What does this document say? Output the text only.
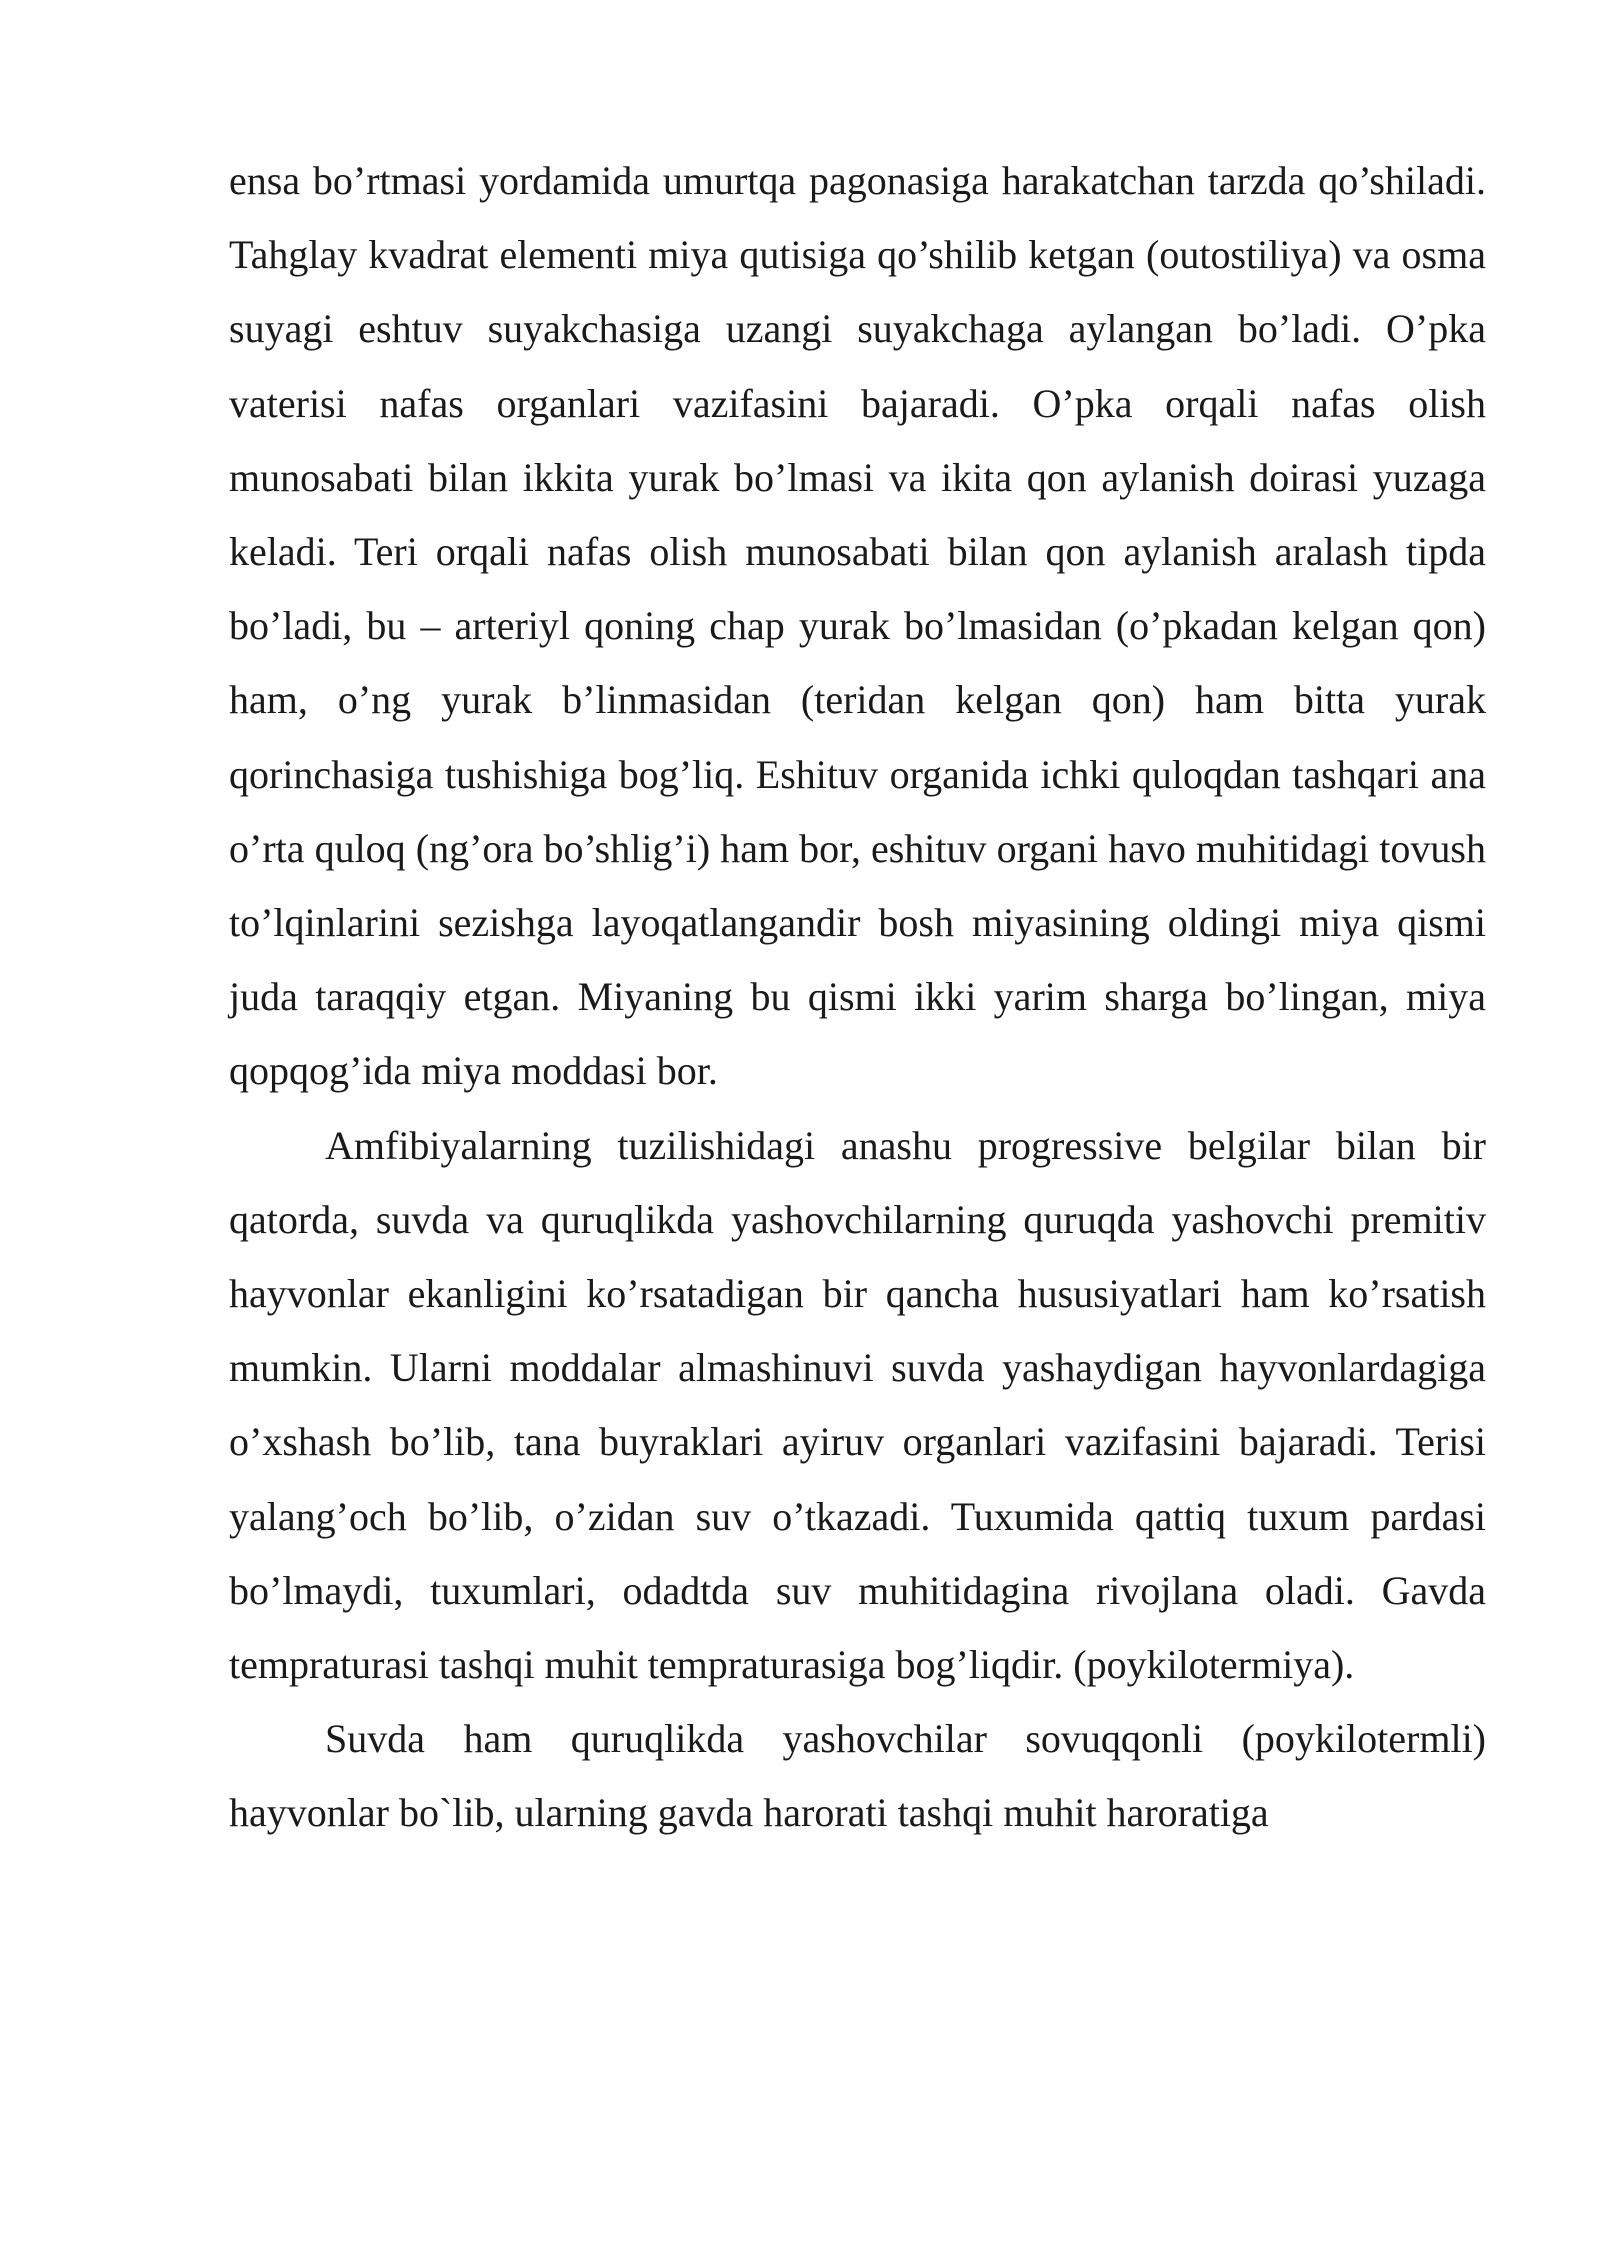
ensa bo’rtmasi yordamida umurtqa pagonasiga harakatchan tarzda qo’shiladi. Tahglay kvadrat elementi miya qutisiga qo’shilib ketgan (outostiliya) va osma suyagi eshtuv suyakchasiga uzangi suyakchaga aylangan bo’ladi. O’pka vaterisi nafas organlari vazifasini bajaradi. O’pka orqali nafas olish munosabati bilan ikkita yurak bo’lmasi va ikita qon aylanish doirasi yuzaga keladi. Teri orqali nafas olish munosabati bilan qon aylanish aralash tipda bo’ladi, bu – arteriyl qoning chap yurak bo’lmasidan (o’pkadan kelgan qon) ham, o’ng yurak b’linmasidan (teridan kelgan qon) ham bitta yurak qorinchasiga tushishiga bog’liq. Eshituv organida ichki quloqdan tashqari ana o’rta quloq (ng’ora bo’shlig’i) ham bor, eshituv organi havo muhitidagi tovush to’lqinlarini sezishga layoqatlangandir bosh miyasining oldingi miya qismi juda taraqqiy etgan. Miyaning bu qismi ikki yarim sharga bo’lingan, miya qopqog’ida miya moddasi bor.

Amfibiyalarning tuzilishidagi anashu progressive belgilar bilan bir qatorda, suvda va quruqlikda yashovchilarning quruqda yashovchi premitiv hayvonlar ekanligini ko’rsatadigan bir qancha hususiyatlari ham ko’rsatish mumkin. Ularni moddalar almashinuvi suvda yashaydigan hayvonlardagiga o’xshash bo’lib, tana buyraklari ayiruv organlari vazifasini bajaradi. Terisi yalang’och bo’lib, o’zidan suv o’tkazadi. Tuxumida qattiq tuxum pardasi bo’lmaydi, tuxumlari, odadtda suv muhitidagina rivojlana oladi. Gavda tempraturasi tashqi muhit tempraturasiga bog’liqdir. (poykilotermiya).

Suvda ham quruqlikda yashovchilar sovuqqonli (poykilotermli) hayvonlar bo`lib, ularning gavda harorati tashqi muhit haroratiga
